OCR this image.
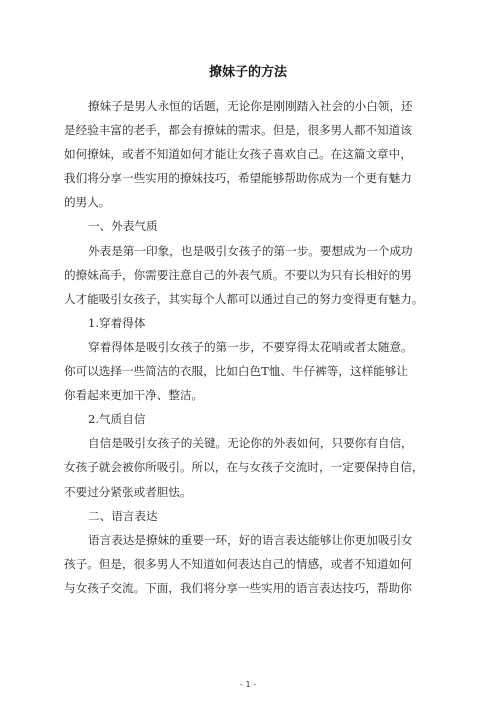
撩妹子的方法
撩妹子是男人永恒的话题，无论你是刚刚踏入社会的小白领，还
是经验丰富的老手，都会有撩妹的需求。但是，很多男人都不知道该
如何撩妹，或者不知道如何才能让女孩子喜欢自己。在这篇文章中，
我们将分享一些实用的撩妹技巧，希望能够帮助你成为一个更有魅力
的男人。
一、外表气质
外表是第一印象，也是吸引女孩子的第一步。要想成为一个成功
的撩妹高手，你需要注意自己的外表气质。不要以为只有长相好的男
人才能吸引女孩子，其实每个人都可以通过自己的努力变得更有魅力。
1.穿着得体
穿着得体是吸引女孩子的第一步，不要穿得太花哨或者太随意。
你可以选择一些简洁的衣服，比如白色T恤、牛仔裤等，这样能够让
你看起来更加干净、整洁。
2.气质自信
自信是吸引女孩子的关键。无论你的外表如何，只要你有自信，
女孩子就会被你所吸引。所以，在与女孩子交流时，一定要保持自信，
不要过分紧张或者胆怯。
二、语言表达
语言表达是撩妹的重要一环，好的语言表达能够让你更加吸引女
孩子。但是，很多男人不知道如何表达自己的情感，或者不知道如何
与女孩子交流。下面，我们将分享一些实用的语言表达技巧，帮助你
- 1 -
